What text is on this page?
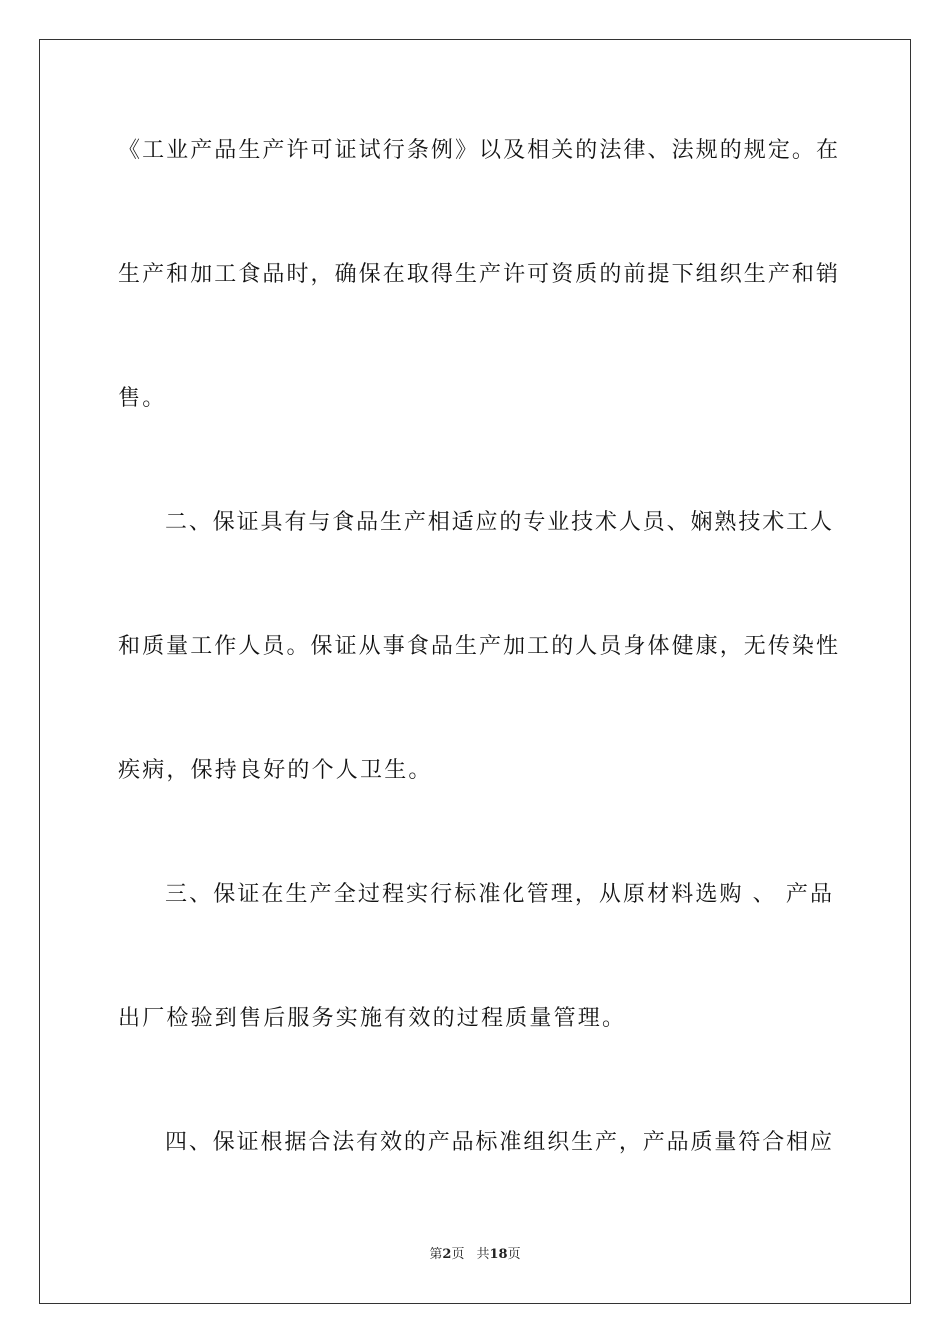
《工业产品生产许可证试行条例》以及相关的法律、法规的规定。在
生产和加工食品时，确保在取得生产许可资质的前提下组织生产和销
售。
二、保证具有与食品生产相适应的专业技术人员、娴熟技术工人
和质量工作人员。保证从事食品生产加工的人员身体健康，无传染性
疾病，保持良好的个人卫生。
三、保证在生产全过程实行标准化管理，从原材料选购 、 产品
出厂检验到售后服务实施有效的过程质量管理。
四、保证根据合法有效的产品标准组织生产，产品质量符合相应
第2页 共18页
